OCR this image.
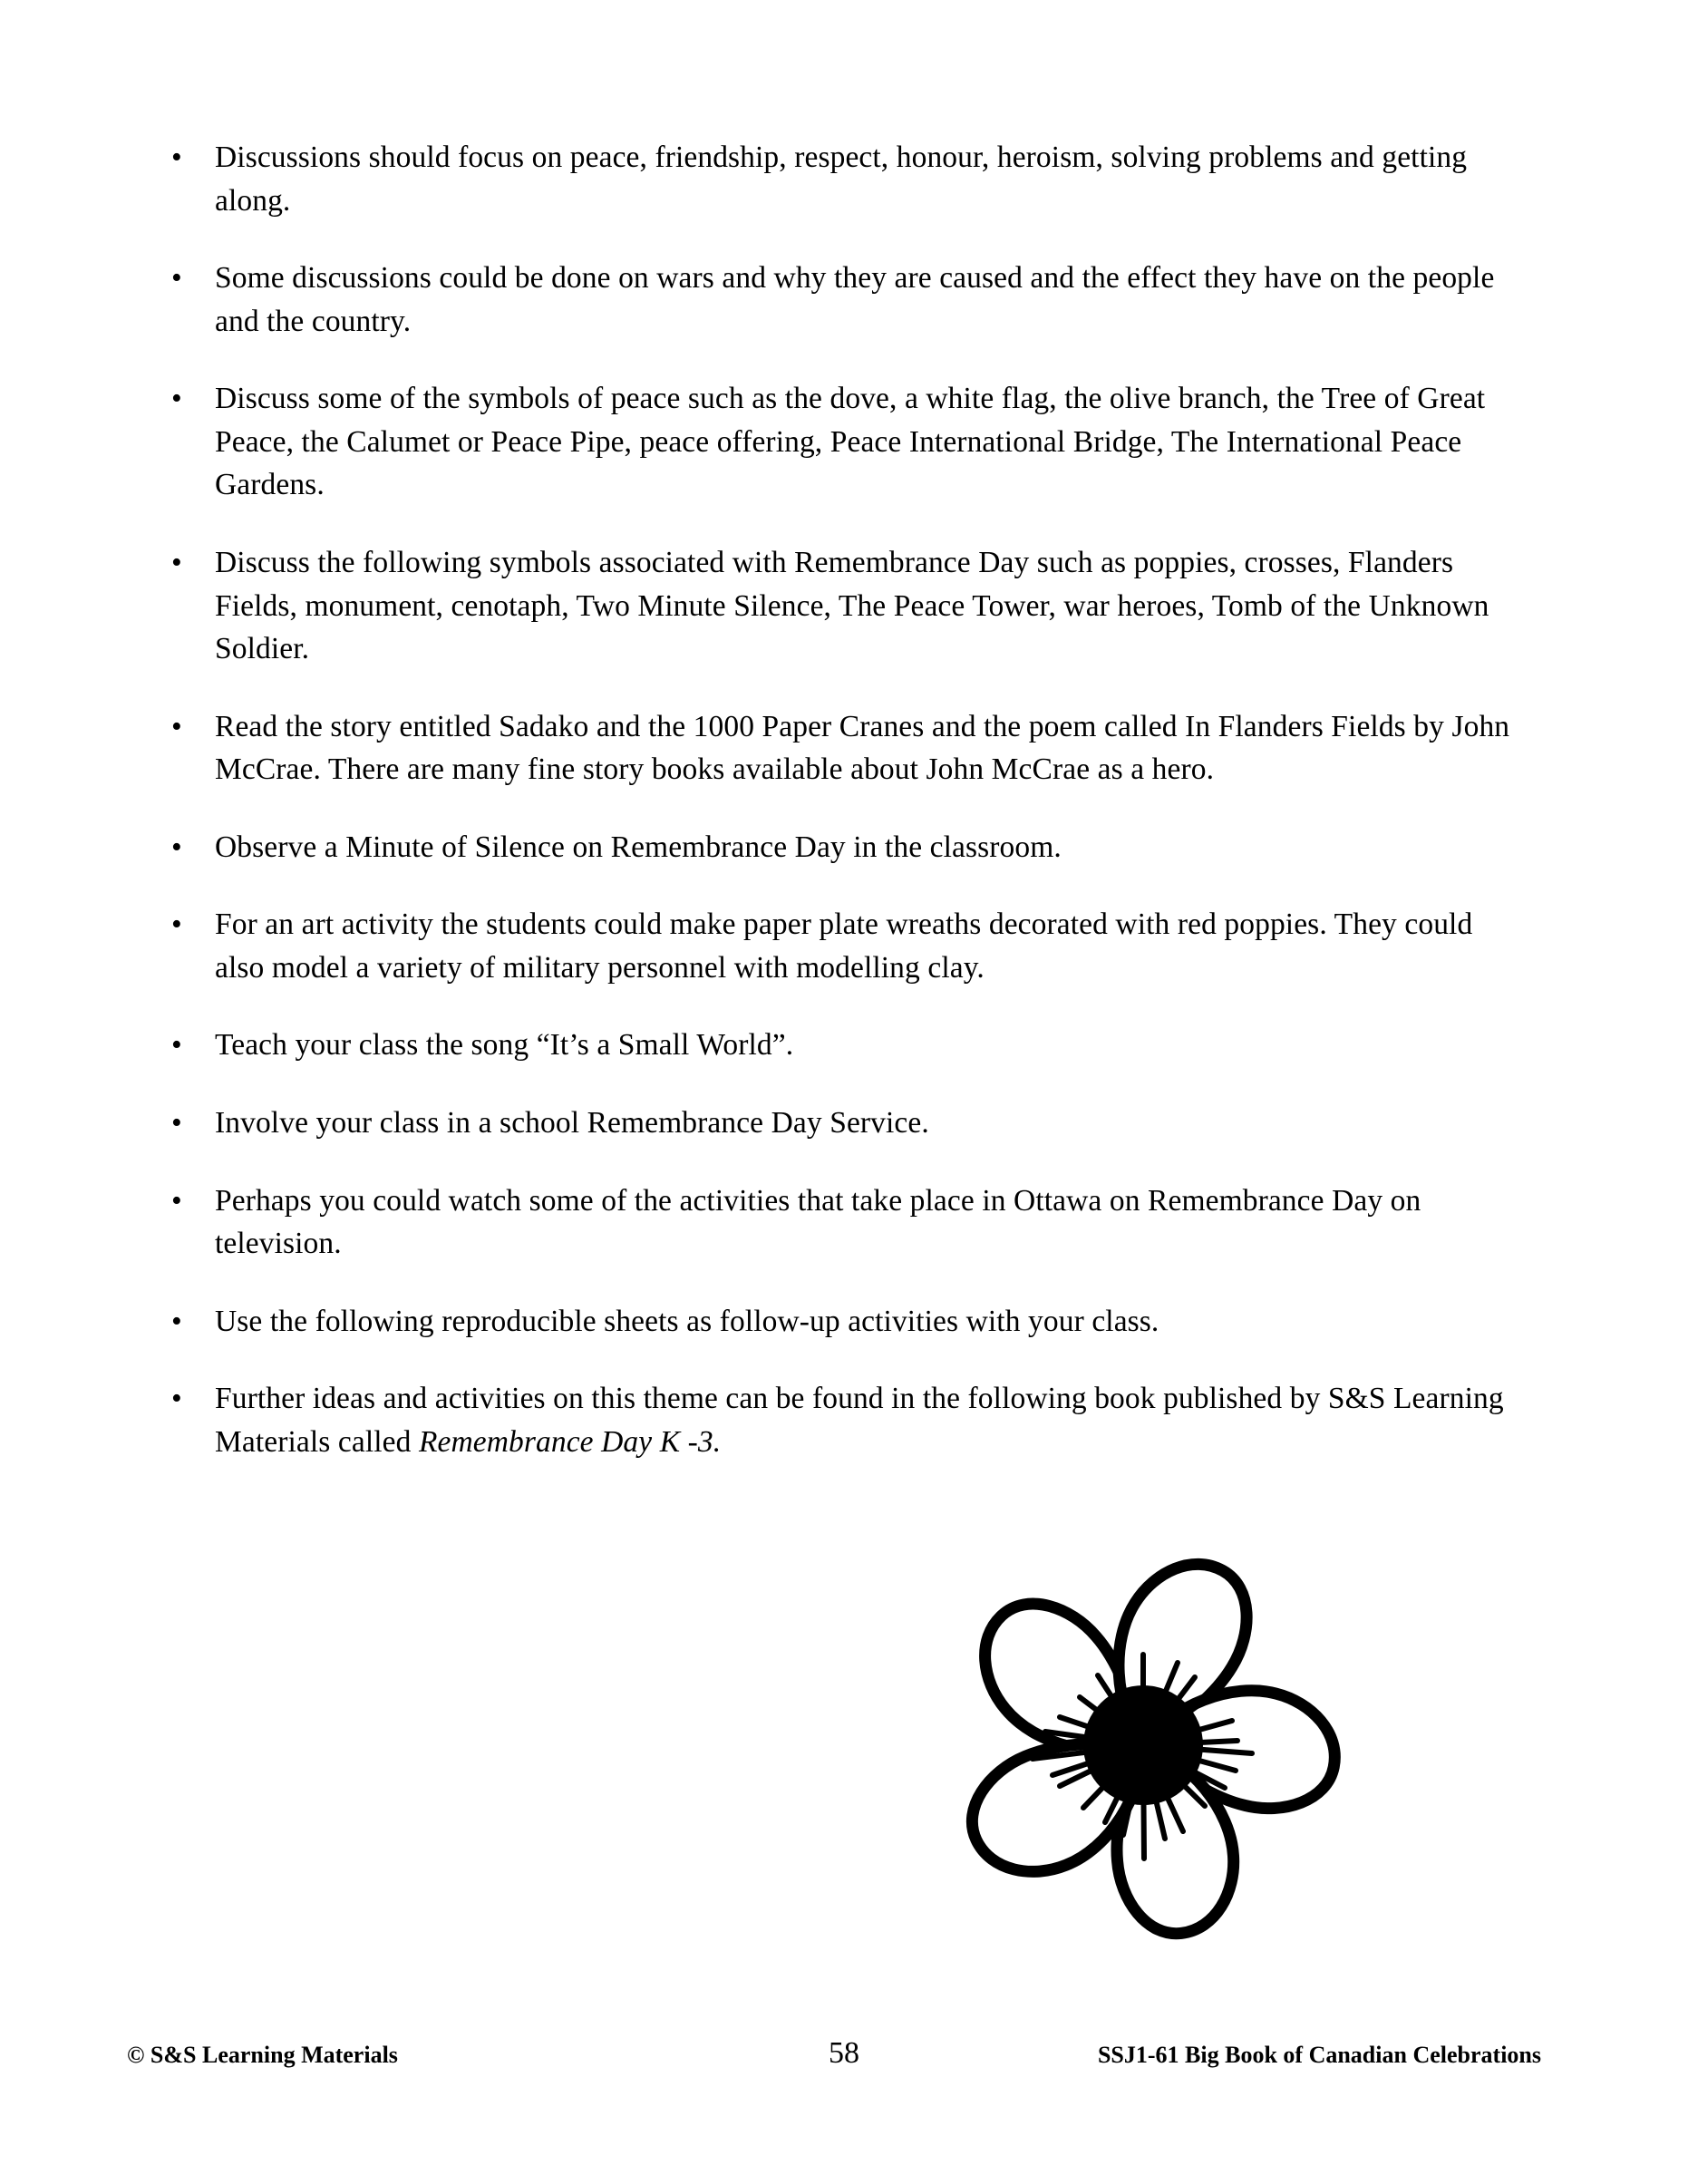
•	Discussions should focus on peace, friendship, respect, honour, heroism, solving problems and getting along.
•	Some discussions could be done on wars and why they are caused and the effect they have on the people and the country.
•	Discuss some of the symbols of peace such as the dove, a white flag, the olive branch, the Tree of Great Peace, the Calumet or Peace Pipe, peace offering, Peace International Bridge, The International Peace Gardens.
•	Discuss the following symbols associated with Remembrance Day such as poppies, crosses, Flanders Fields, monument, cenotaph, Two Minute Silence, The Peace Tower, war heroes, Tomb of the Unknown Soldier.
•	Read the story entitled Sadako and the 1000 Paper Cranes and the poem called In Flanders Fields by John McCrae. There are many fine story books available about John McCrae as a hero.
•	Observe a Minute of Silence on Remembrance Day in the classroom.
•	For an art activity the students could make paper plate wreaths decorated with red poppies. They could also model a variety of military personnel with modelling clay.
•	Teach your class the song “It’s a Small World”.
•	Involve your class in a school Remembrance Day Service.
•	Perhaps you could watch some of the activities that take place in Ottawa on Remembrance Day on television.
•	Use the following reproducible sheets as follow-up activities with your class.
•	Further ideas and activities on this theme can be found in the following book published by S&S Learning Materials called Remembrance Day K -3.
© S&S Learning Materials	58	SSJ1-61 Big Book of Canadian Celebrations
